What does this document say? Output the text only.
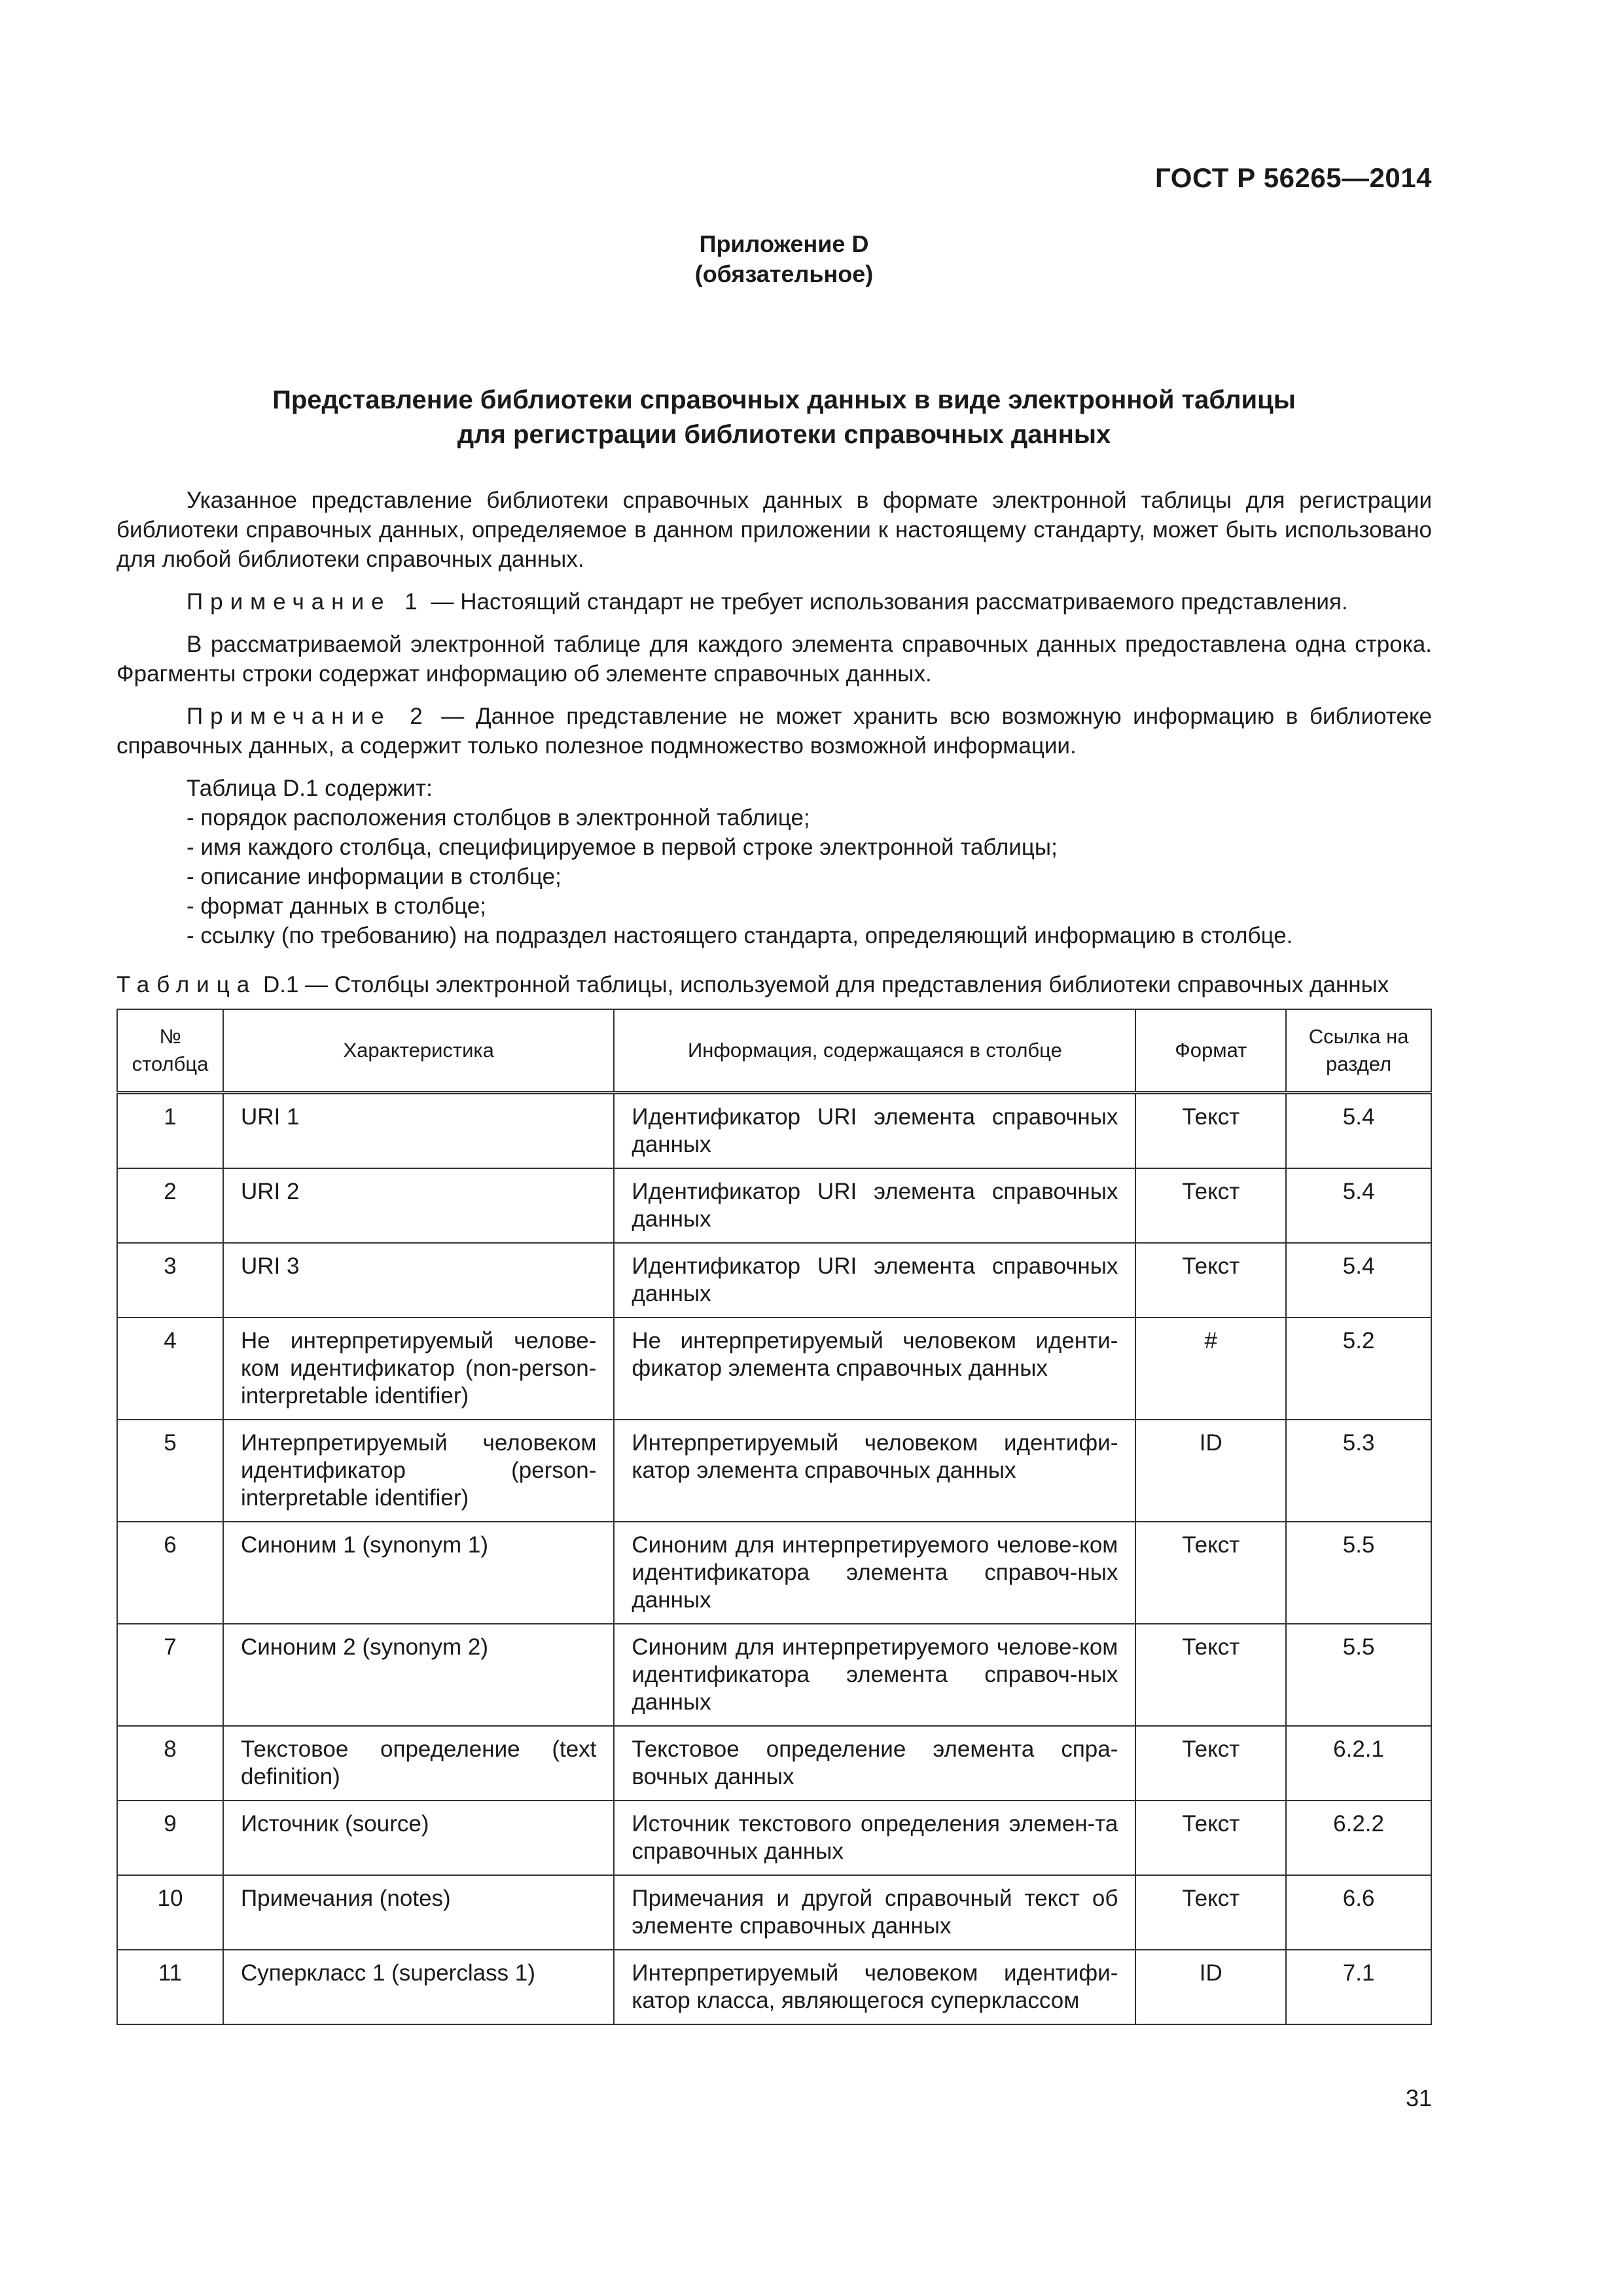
ГОСТ Р 56265—2014
Приложение D
(обязательное)
Представление библиотеки справочных данных в виде электронной таблицы
для регистрации библиотеки справочных данных

Указанное представление библиотеки справочных данных в формате электронной таблицы для регистрации библиотеки справочных данных, определяемое в данном приложении к настоящему стандарту, может быть использовано для любой библиотеки справочных данных.

Примечание 1 — Настоящий стандарт не требует использования рассматриваемого представления.

В рассматриваемой электронной таблице для каждого элемента справочных данных предоставлена одна строка. Фрагменты строки содержат информацию об элементе справочных данных.

Примечание 2 — Данное представление не может хранить всю возможную информацию в библиотеке справочных данных, а содержит только полезное подмножество возможной информации.

Таблица D.1 содержит:
- порядок расположения столбцов в электронной таблице;
- имя каждого столбца, специфицируемое в первой строке электронной таблицы;
- описание информации в столбце;
- формат данных в столбце;
- ссылку (по требованию) на подраздел настоящего стандарта, определяющий информацию в столбце.
Таблица D.1 — Столбцы электронной таблицы, используемой для представления библиотеки справочных данных
№ столбца	Характеристика	Информация, содержащаяся в столбце	Формат	Ссылка на раздел
1	URI 1	Идентификатор URI элемента справочных данных	Текст	5.4
2	URI 2	Идентификатор URI элемента справочных данных	Текст	5.4
3	URI 3	Идентификатор URI элемента справочных данных	Текст	5.4
4	Не интерпретируемый челове-ком идентификатор (non-person-interpretable identifier)	Не интерпретируемый человеком иденти-фикатор элемента справочных данных	#	5.2
5	Интерпретируемый человеком идентификатор (person-interpretable identifier)	Интерпретируемый человеком идентифи-катор элемента справочных данных	ID	5.3
6	Синоним 1 (synonym 1)	Синоним для интерпретируемого челове-ком идентификатора элемента справоч-ных данных	Текст	5.5
7	Синоним 2 (synonym 2)	Синоним для интерпретируемого челове-ком идентификатора элемента справоч-ных данных	Текст	5.5
8	Текстовое определение (text definition)	Текстовое определение элемента спра-вочных данных	Текст	6.2.1
9	Источник (source)	Источник текстового определения элемен-та справочных данных	Текст	6.2.2
10	Примечания (notes)	Примечания и другой справочный текст об элементе справочных данных	Текст	6.6
11	Суперкласс 1 (superclass 1)	Интерпретируемый человеком идентифи-катор класса, являющегося суперклассом	ID	7.1
31
